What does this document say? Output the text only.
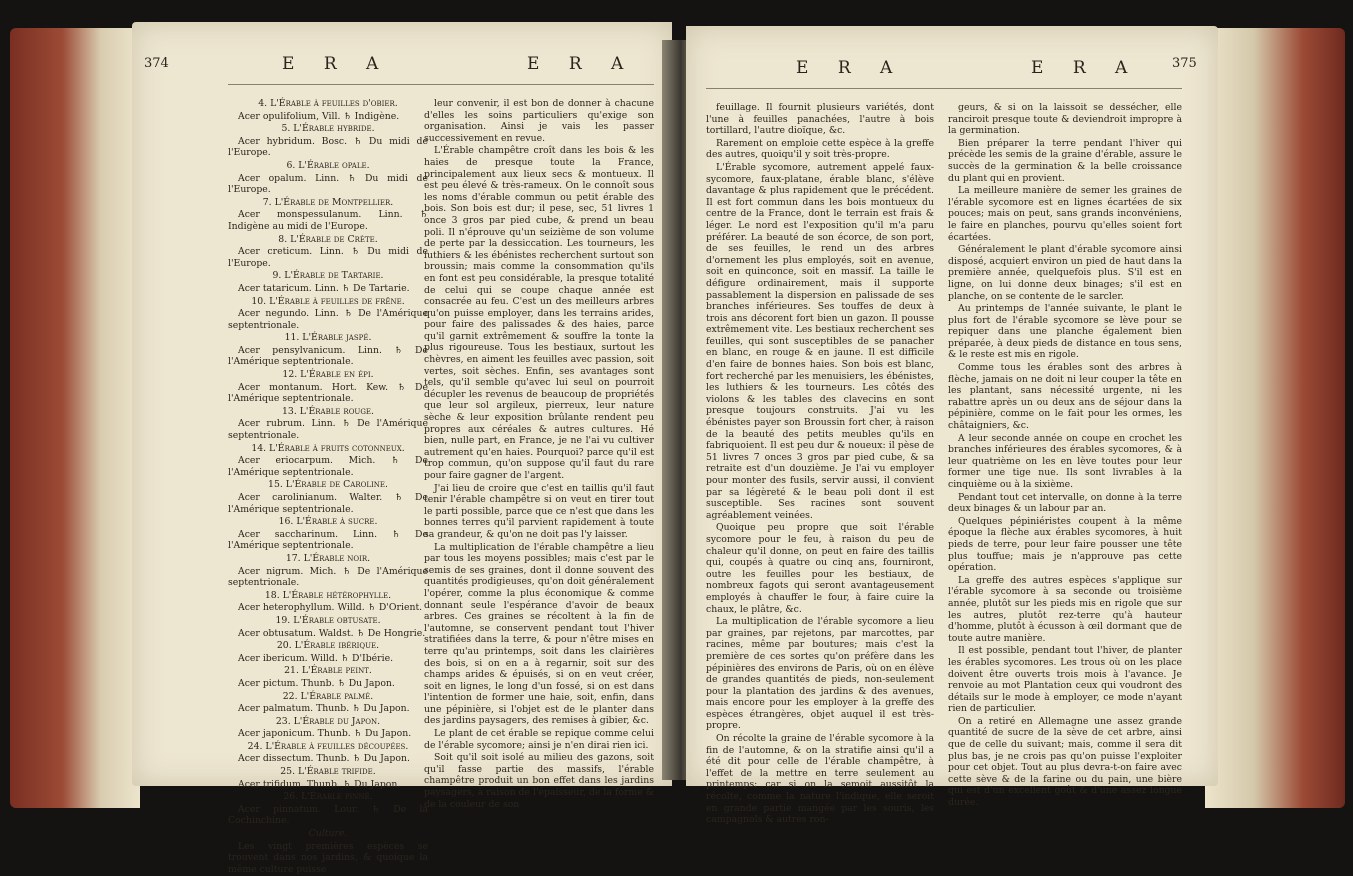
374	E R A	E R A

4. L'Érable à feuilles d'obier.

Acer opulifolium, Vill. ♄ Indigène.

5. L'Érable hybride.

Acer hybridum. Bosc. ♄ Du midi de l'Europe.

6. L'Érable opale.

Acer opalum. Linn. ♄ Du midi de l'Europe.

7. L'Érable de Montpellier.

Acer monspessulanum. Linn. ♄ Indigène au midi de l'Europe.

8. L'Érable de Crète.

Acer creticum. Linn. ♄ Du midi de l'Europe.

9. L'Érable de Tartarie.

Acer tataricum. Linn. ♄ De Tartarie.

10. L'Érable à feuilles de frêne.

Acer negundo. Linn. ♄ De l'Amérique septentrionale.

11. L'Érable jaspé.

Acer pensylvanicum. Linn. ♄ De l'Amérique septentrionale.

12. L'Érable en épi.

Acer montanum. Hort. Kew. ♄ De l'Amérique septentrionale.

13. L'Érable rouge.

Acer rubrum. Linn. ♄ De l'Amérique septentrionale.

14. L'Érable à fruits cotonneux.

Acer eriocarpum. Mich. ♄ De l'Amérique septentrionale.

15. L'Érable de Caroline.

Acer carolinianum. Walter. ♄ De l'Amérique septentrionale.

16. L'Érable à sucre.

Acer saccharinum. Linn. ♄ De l'Amérique septentrionale.

17. L'Érable noir.

Acer nigrum. Mich. ♄ De l'Amérique septentrionale.

18. L'Érable hétérophylle.

Acer heterophyllum. Willd. ♄ D'Orient.

19. L'Érable obtusate.

Acer obtusatum. Waldst. ♄ De Hongrie.

20. L'Érable ibérique.

Acer ibericum. Willd. ♄ D'Ibérie.

21. L'Érable peint.

Acer pictum. Thunb. ♄ Du Japon.

22. L'Érable palmé.

Acer palmatum. Thunb. ♄ Du Japon.

23. L'Érable du Japon.

Acer japonicum. Thunb. ♄ Du Japon.

24. L'Érable à feuilles découpées.

Acer dissectum. Thunb. ♄ Du Japon.

25. L'Érable trifide.

Acer trifidum. Thunb. ♄ Du Japon.

26. L'Érable pinné.

Acer pinnatum. Lour. ♄ De la Cochinchine.

Culture.

Les vingt premières espèces se trouvent dans nos jardins, & quoique la même culture puisse

leur convenir, il est bon de donner à chacune d'elles les soins particuliers qu'exige son organisation. Ainsi je vais les passer successivement en revue.

L'Érable champêtre croît dans les bois & les haies de presque toute la France, principalement aux lieux secs & montueux. Il est peu élevé & très-rameux. On le connoît sous les noms d'érable commun ou petit érable des bois. Son bois est dur; il pese, sec, 51 livres 1 once 3 gros par pied cube, & prend un beau poli. Il n'éprouve qu'un seizième de son volume de perte par la dessiccation. Les tourneurs, les luthiers & les ébénistes recherchent surtout son broussin; mais comme la consommation qu'ils en font est peu considérable, la presque totalité de celui qui se coupe chaque année est consacrée au feu. C'est un des meilleurs arbres qu'on puisse employer, dans les terrains arides, pour faire des palissades & des haies, parce qu'il garnit extrêmement & souffre la tonte la plus rigoureuse. Tous les bestiaux, surtout les chèvres, en aiment les feuilles avec passion, soit vertes, soit sèches. Enfin, ses avantages sont tels, qu'il semble qu'avec lui seul on pourroit décupler les revenus de beaucoup de propriétés que leur sol argileux, pierreux, leur nature sèche & leur exposition brûlante rendent peu propres aux céréales & autres cultures. Hé bien, nulle part, en France, je ne l'ai vu cultiver autrement qu'en haies. Pourquoi? parce qu'il est trop commun, qu'on suppose qu'il faut du rare pour faire gagner de l'argent.

J'ai lieu de croire que c'est en taillis qu'il faut tenir l'érable champêtre si on veut en tirer tout le parti possible, parce que ce n'est que dans les bonnes terres qu'il parvient rapidement à toute sa grandeur, & qu'on ne doit pas l'y laisser.

La multiplication de l'érable champêtre a lieu par tous les moyens possibles; mais c'est par le semis de ses graines, dont il donne souvent des quantités prodigieuses, qu'on doit généralement l'opérer, comme la plus économique & comme donnant seule l'espérance d'avoir de beaux arbres. Ces graines se récoltent à la fin de l'automne, se conservent pendant tout l'hiver stratifiées dans la terre, & pour n'être mises en terre qu'au printemps, soit dans les clairières des bois, si on en a à regarnir, soit sur des champs arides & épuisés, si on en veut créer, soit en lignes, le long d'un fossé, si on est dans l'intention de former une haie, soit, enfin, dans une pépinière, si l'objet est de le planter dans des jardins paysagers, des remises à gibier, &c.

Le plant de cet érable se repique comme celui de l'érable sycomore; ainsi je n'en dirai rien ici.

Soit qu'il soit isolé au milieu des gazons, soit qu'il fasse partie des massifs, l'érable champêtre produit un bon effet dans les jardins paysagers, à raison de l'épaisseur, de la forme & de la couleur de son

E R A	E R A	375

feuillage. Il fournit plusieurs variétés, dont l'une à feuilles panachées, l'autre à bois tortillard, l'autre dioïque, &c.

Rarement on emploie cette espèce à la greffe des autres, quoiqu'il y soit très-propre.

L'Érable sycomore, autrement appelé faux-sycomore, faux-platane, érable blanc, s'élève davantage & plus rapidement que le précédent. Il est fort commun dans les bois montueux du centre de la France, dont le terrain est frais & léger. Le nord est l'exposition qu'il m'a paru préférer. La beauté de son écorce, de son port, de ses feuilles, le rend un des arbres d'ornement les plus employés, soit en avenue, soit en quinconce, soit en massif. La taille le défigure ordinairement, mais il supporte passablement la dispersion en palissade de ses branches inférieures. Ses touffes de deux à trois ans décorent fort bien un gazon. Il pousse extrêmement vite. Les bestiaux recherchent ses feuilles, qui sont susceptibles de se panacher en blanc, en rouge & en jaune. Il est difficile d'en faire de bonnes haies. Son bois est blanc, fort recherché par les menuisiers, les ébénistes, les luthiers & les tourneurs. Les côtés des violons & les tables des clavecins en sont presque toujours construits. J'ai vu les ébénistes payer son Broussin fort cher, à raison de la beauté des petits meubles qu'ils en fabriquoient. Il est peu dur & noueux: il pèse de 51 livres 7 onces 3 gros par pied cube, & sa retraite est d'un douzième. Je l'ai vu employer pour monter des fusils, servir aussi, il convient par sa légèreté & le beau poli dont il est susceptible. Ses racines sont souvent agréablement veinées.

Quoique peu propre que soit l'érable sycomore pour le feu, à raison du peu de chaleur qu'il donne, on peut en faire des taillis qui, coupés à quatre ou cinq ans, fourniront, outre les feuilles pour les bestiaux, de nombreux fagots qui seront avantageusement employés à chauffer le four, à faire cuire la chaux, le plâtre, &c.

La multiplication de l'érable sycomore a lieu par graines, par rejetons, par marcottes, par racines, même par boutures; mais c'est la première de ces sortes qu'on préfère dans les pépinières des environs de Paris, où on en élève de grandes quantités de pieds, non-seulement pour la plantation des jardins & des avenues, mais encore pour les employer à la greffe des espèces étrangères, objet auquel il est très-propre.

On récolte la graine de l'érable sycomore à la fin de l'automne, & on la stratifie ainsi qu'il a été dit pour celle de l'érable champêtre, à l'effet de la mettre en terre seulement au printemps; car si on la semoit aussitôt la récolte, comme la nature l'indique, elle seroit en grande partie mangée par les souris, les campagnols & autres ron-

geurs, & si on la laissoit se dessécher, elle ranciroit presque toute & deviendroit impropre à la germination.

Bien préparer la terre pendant l'hiver qui précède les semis de la graine d'érable, assure le succès de la germination & la belle croissance du plant qui en provient.

La meilleure manière de semer les graines de l'érable sycomore est en lignes écartées de six pouces; mais on peut, sans grands inconvéniens, le faire en planches, pourvu qu'elles soient fort écartées.

Généralement le plant d'érable sycomore ainsi disposé, acquiert environ un pied de haut dans la première année, quelquefois plus. S'il est en ligne, on lui donne deux binages; s'il est en planche, on se contente de le sarcler.

Au printemps de l'année suivante, le plant le plus fort de l'érable sycomore se lève pour se repiquer dans une planche également bien préparée, à deux pieds de distance en tous sens, & le reste est mis en rigole.

Comme tous les érables sont des arbres à flèche, jamais on ne doit ni leur couper la tête en les plantant, sans nécessité urgente, ni les rabattre après un ou deux ans de séjour dans la pépinière, comme on le fait pour les ormes, les châtaigniers, &c.

A leur seconde année on coupe en crochet les branches inférieures des érables sycomores, & à leur quatrième on les en lève toutes pour leur former une tige nue. Ils sont livrables à la cinquième ou à la sixième.

Pendant tout cet intervalle, on donne à la terre deux binages & un labour par an.

Quelques pépiniéristes coupent à la même époque la flèche aux érables sycomores, à huit pieds de terre, pour leur faire pousser une tête plus touffue; mais je n'approuve pas cette opération.

La greffe des autres espèces s'applique sur l'érable sycomore à sa seconde ou troisième année, plutôt sur les pieds mis en rigole que sur les autres, plutôt rez-terre qu'à hauteur d'homme, plutôt à écusson à œil dormant que de toute autre manière.

Il est possible, pendant tout l'hiver, de planter les érables sycomores. Les trous où on les place doivent être ouverts trois mois à l'avance. Je renvoie au mot Plantation ceux qui voudront des détails sur le mode à employer, ce mode n'ayant rien de particulier.

On a retiré en Allemagne une assez grande quantité de sucre de la sève de cet arbre, ainsi que de celle du suivant; mais, comme il sera dit plus bas, je ne crois pas qu'on puisse l'exploiter pour cet objet. Tout au plus devra-t-on faire avec cette sève & de la farine ou du pain, une bière qui est d'un excellent goût & d'une assez longue durée.
